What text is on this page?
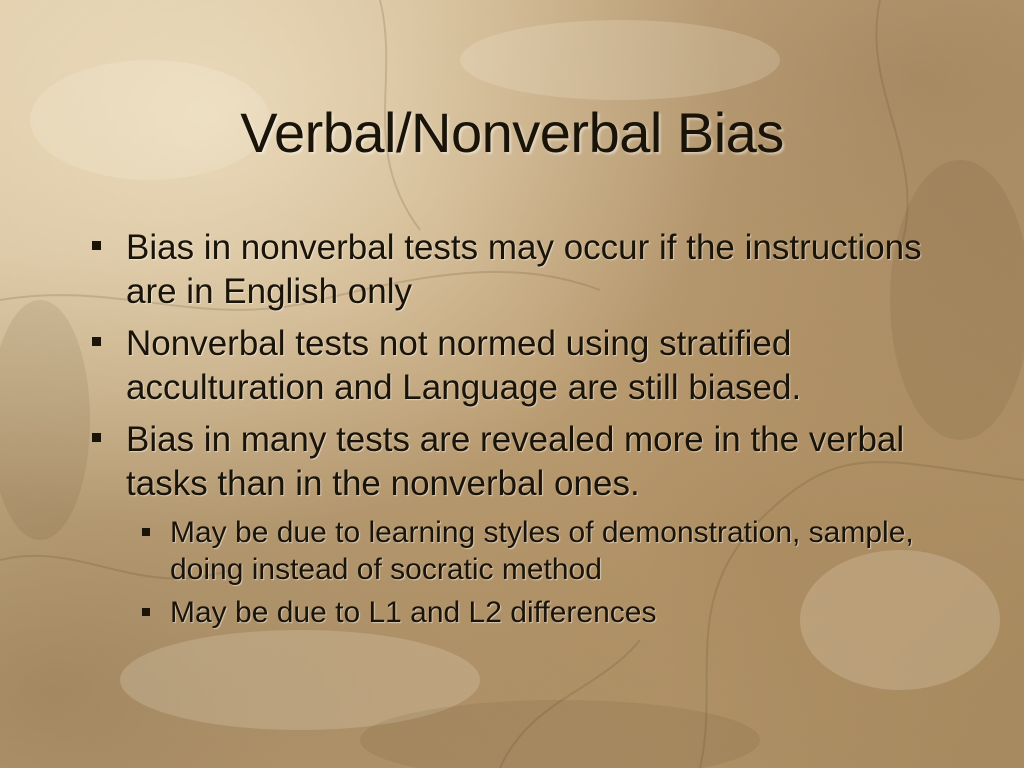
Verbal/Nonverbal Bias
Bias in nonverbal tests may occur if the instructions are in English only
Nonverbal tests not normed using stratified acculturation and Language are still biased.
Bias in many tests are revealed more in the verbal tasks than in the nonverbal ones.
May be due to learning styles of demonstration, sample, doing instead of socratic method
May be due to L1 and L2 differences
